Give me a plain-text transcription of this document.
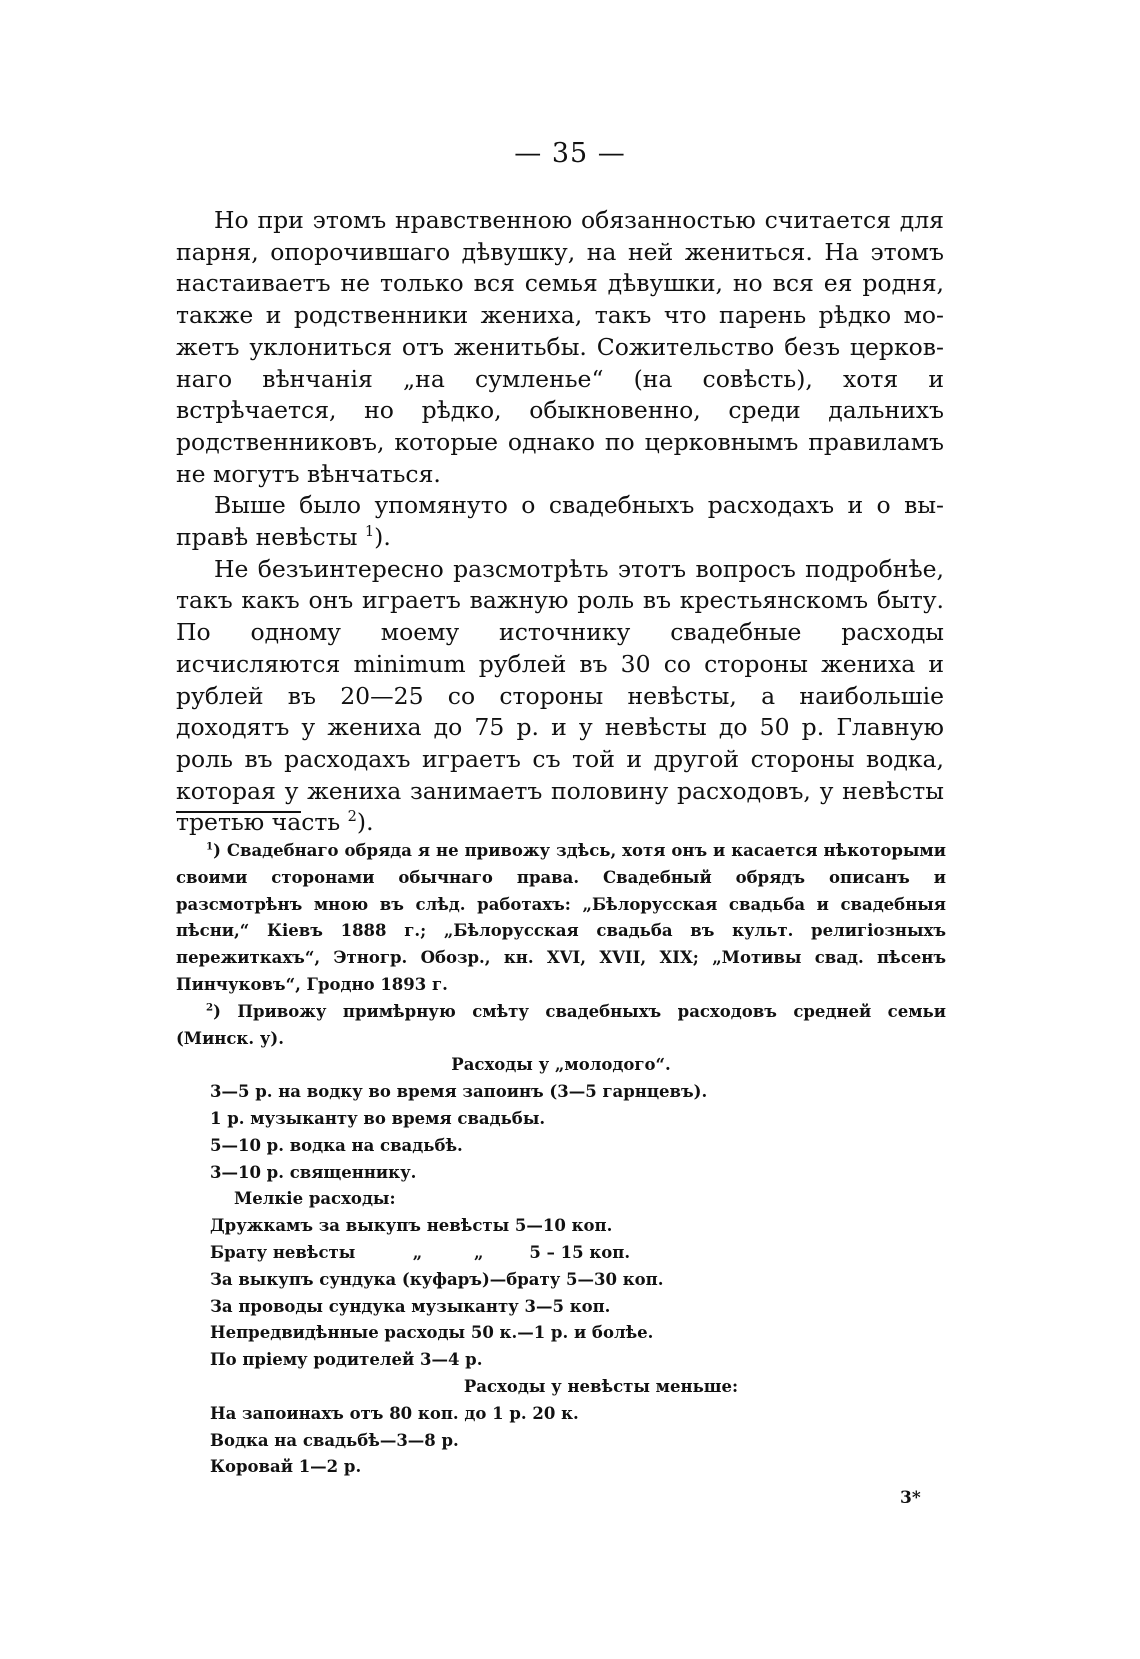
— 35 —

Но при этомъ нравственною обязанностью считается для парня, опорочившаго дѣвушку, на ней жениться. На этомъ настаиваетъ не только вся семья дѣвушки, но вся ея родня, также и родственники жениха, такъ что парень рѣдко можетъ уклониться отъ женитьбы. Сожительство безъ церковнаго вѣнчанія „на сумленье“ (на совѣсть), хотя и встрѣчается, но рѣдко, обыкновенно, среди дальнихъ родственниковъ, которые однако по церковнымъ правиламъ не могутъ вѣнчаться.

Выше было упомянуто о свадебныхъ расходахъ и о выправѣ невѣсты $^1$).

Не безъинтересно разсмотрѣть этотъ вопросъ подробнѣе, такъ какъ онъ играетъ важную роль въ крестьянскомъ быту. По одному моему источнику свадебные расходы исчисляются minimum рублей въ 30 со стороны жениха и рублей въ 20—25 со стороны невѣсты, а наибольшіе доходятъ у жениха до 75 р. и у невѣсты до 50 р. Главную роль въ расходахъ играетъ съ той и другой стороны водка, которая у жениха занимаетъ половину расходовъ, у невѣсты третью часть $^2$).

$^1$) Свадебнаго обряда я не привожу здѣсь, хотя онъ и касается нѣкоторыми своими сторонами обычнаго права. Свадебный обрядъ описанъ и разсмотрѣнъ мною въ слѣд. работахъ: „Бѣлорусская свадьба и свадебныя пѣсни,“ Кіевъ 1888 г.; „Бѣлорусская свадьба въ культ. религіозныхъ пережиткахъ“, Этногр. Обозр., кн. XVI, XVII, XIX; „Мотивы свад. пѣсенъ Пинчуковъ“, Гродно 1893 г.

$^2$) Привожу примѣрную смѣту свадебныхъ расходовъ средней семьи (Минск. у).

Расходы у „молодого“.

3—5 р. на водку во время запоинъ (3—5 гарнцевъ).

1 р. музыканту во время свадьбы.

5—10 р. водка на свадьбѣ.

3—10 р. священнику.

Мелкіе расходы:

Дружкамъ за выкупъ невѣсты 5—10 коп.

Брату невѣсты          „         „        5 – 15 коп.

За выкупъ сундука (куфаръ)—брату 5—30 коп.

За проводы сундука музыканту 3—5 коп.

Непредвидѣнные расходы 50 к.—1 р. и болѣе.

По пріему родителей 3—4 р.

Расходы у невѣсты меньше:

На запоинахъ отъ 80 коп. до 1 р. 20 к.

Водка на свадьбѣ—3—8 р.

Коровай 1—2 р.

3*
